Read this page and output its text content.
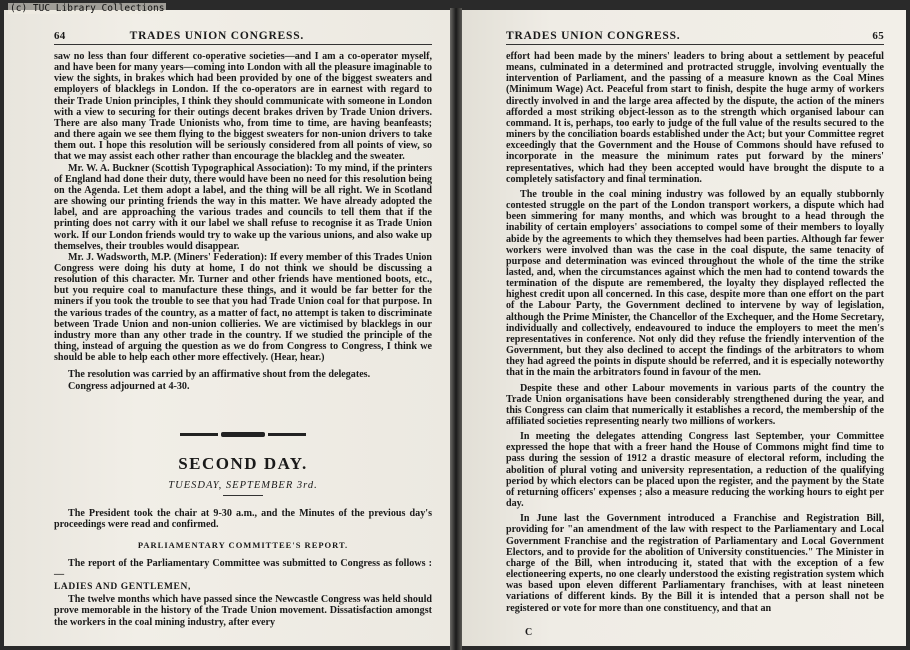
(c) TUC Library Collections
64	TRADES UNION CONGRESS.

saw no less than four different co-operative societies—and I am a co-operator myself, and have been for many years—coming into London with all the pleasure imaginable to view the sights, in brakes which had been provided by one of the biggest sweaters and employers of blacklegs in London. If the co-operators are in earnest with regard to their Trade Union principles, I think they should communicate with someone in London with a view to securing for their outings decent brakes driven by Trade Union drivers. There are also many Trade Unionists who, from time to time, are having beanfeasts; and there again we see them flying to the biggest sweaters for non-union drivers to take them out. I hope this resolution will be seriously considered from all points of view, so that we may assist each other rather than encourage the blackleg and the sweater.

Mr. W. A. Buckner (Scottish Typographical Association): To my mind, if the printers of England had done their duty, there would have been no need for this resolution being on the Agenda. Let them adopt a label, and the thing will be all right. We in Scotland are showing our printing friends the way in this matter. We have already adopted the label, and are approaching the various trades and councils to tell them that if the printing does not carry with it our label we shall refuse to recognise it as Trade Union work. If our London friends would try to wake up the various unions, and also wake up themselves, their troubles would disappear.

Mr. J. Wadsworth, M.P. (Miners' Federation): If every member of this Trades Union Congress were doing his duty at home, I do not think we should be discussing a resolution of this character. Mr. Turner and other friends have mentioned boots, etc., but you require coal to manufacture these things, and it would be far better for the miners if you took the trouble to see that you had Trade Union coal for that purpose. In the various trades of the country, as a matter of fact, no attempt is taken to discriminate between Trade Union and non-union collieries. We are victimised by blacklegs in our industry more than any other trade in the country. If we studied the principle of the thing, instead of arguing the question as we do from Congress to Congress, I think we should be able to help each other more effectively. (Hear, hear.)

The resolution was carried by an affirmative shout from the delegates.

Congress adjourned at 4-30.

SECOND DAY.
TUESDAY, SEPTEMBER 3rd.

The President took the chair at 9-30 a.m., and the Minutes of the previous day's proceedings were read and confirmed.

PARLIAMENTARY COMMITTEE'S REPORT.

The report of the Parliamentary Committee was submitted to Congress as follows :—

LADIES AND GENTLEMEN,

The twelve months which have passed since the Newcastle Congress was held should prove memorable in the history of the Trade Union movement. Dissatisfaction amongst the workers in the coal mining industry, after every

TRADES UNION CONGRESS.	65

effort had been made by the miners' leaders to bring about a settlement by peaceful means, culminated in a determined and protracted struggle, involving eventually the intervention of Parliament, and the passing of a measure known as the Coal Mines (Minimum Wage) Act. Peaceful from start to finish, despite the huge army of workers directly involved in and the large area affected by the dispute, the action of the miners afforded a most striking object-lesson as to the strength which organised labour can command. It is, perhaps, too early to judge of the full value of the results secured to the miners by the conciliation boards established under the Act; but your Committee regret exceedingly that the Government and the House of Commons should have refused to incorporate in the measure the minimum rates put forward by the miners' representatives, which had they been accepted would have brought the dispute to a completely satisfactory and final termination.

The trouble in the coal mining industry was followed by an equally stubbornly contested struggle on the part of the London transport workers, a dispute which had been simmering for many months, and which was brought to a head through the inability of certain employers' associations to compel some of their members to loyally abide by the agreements to which they themselves had been parties. Although far fewer workers were involved than was the case in the coal dispute, the same tenacity of purpose and determination was evinced throughout the whole of the time the strike lasted, and, when the circumstances against which the men had to contend towards the termination of the dispute are remembered, the loyalty they displayed reflected the highest credit upon all concerned. In this case, despite more than one effort on the part of the Labour Party, the Government declined to intervene by way of legislation, although the Prime Minister, the Chancellor of the Exchequer, and the Home Secretary, individually and collectively, endeavoured to induce the employers to meet the men's representatives in conference. Not only did they refuse the friendly intervention of the Government, but they also declined to accept the findings of the arbitrators to whom they had agreed the points in dispute should be referred, and it is especially noteworthy that in the main the arbitrators found in favour of the men.

Despite these and other Labour movements in various parts of the country the Trade Union organisations have been considerably strengthened during the year, and this Congress can claim that numerically it establishes a record, the membership of the affiliated societies representing nearly two millions of workers.

In meeting the delegates attending Congress last September, your Committee expressed the hope that with a freer hand the House of Commons might find time to pass during the session of 1912 a drastic measure of electoral reform, including the abolition of plural voting and university representation, a reduction of the qualifying period by which electors can be placed upon the register, and the payment by the State of returning officers' expenses ; also a measure reducing the working hours to eight per day.

In June last the Government introduced a Franchise and Registration Bill, providing for "an amendment of the law with respect to the Parliamentary and Local Government Franchise and the registration of Parliamentary and Local Government Electors, and to provide for the abolition of University constituencies." The Minister in charge of the Bill, when introducing it, stated that with the exception of a few electioneering experts, no one clearly understood the existing registration system which was based upon eleven different Parliamentary franchises, with at least nineteen variations of different kinds. By the Bill it is intended that a person shall not be registered or vote for more than one constituency, and that an

C
